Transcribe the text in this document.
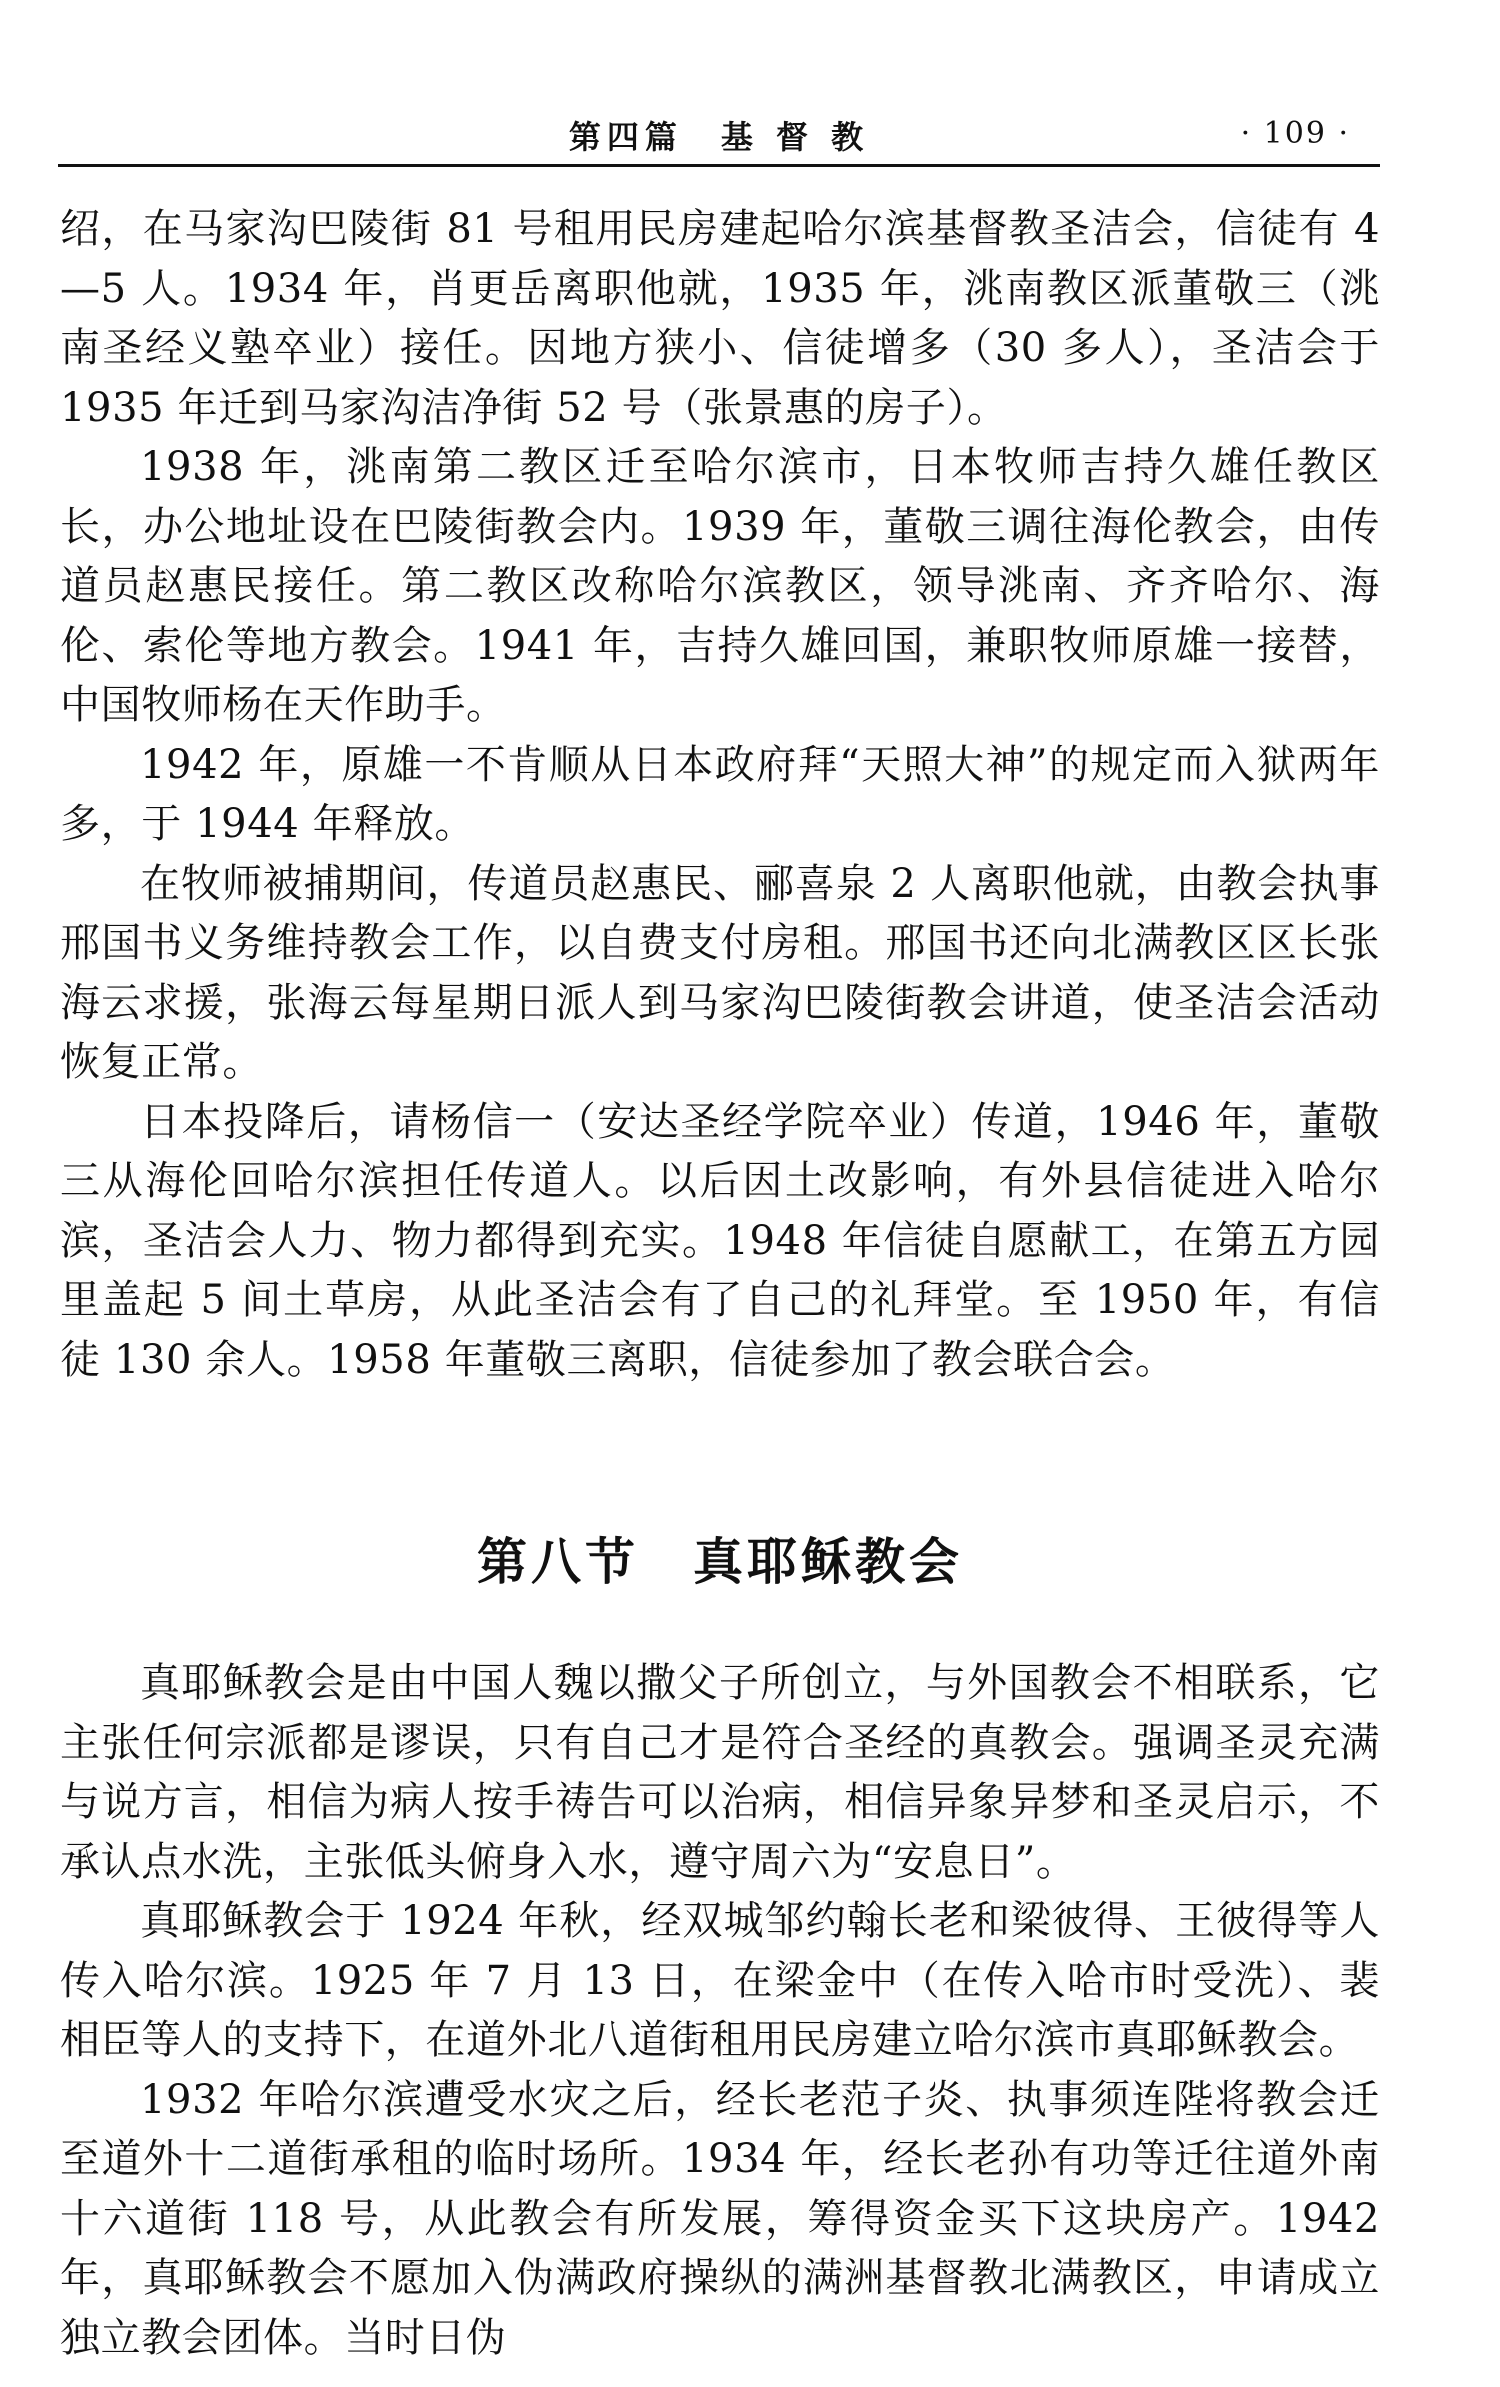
第四篇　基 督 教	· 109 ·

绍，在马家沟巴陵街 81 号租用民房建起哈尔滨基督教圣洁会，信徒有 4—5 人。1934 年，肖更岳离职他就，1935 年，洮南教区派董敬三（洮南圣经义塾卒业）接任。因地方狭小、信徒增多（30 多人），圣洁会于 1935 年迁到马家沟洁净街 52 号（张景惠的房子）。

1938 年，洮南第二教区迁至哈尔滨市，日本牧师吉持久雄任教区长，办公地址设在巴陵街教会内。1939 年，董敬三调往海伦教会，由传道员赵惠民接任。第二教区改称哈尔滨教区，领导洮南、齐齐哈尔、海伦、索伦等地方教会。1941 年，吉持久雄回国，兼职牧师原雄一接替，中国牧师杨在天作助手。

1942 年，原雄一不肯顺从日本政府拜“天照大神”的规定而入狱两年多，于 1944 年释放。

在牧师被捕期间，传道员赵惠民、郦喜泉 2 人离职他就，由教会执事邢国书义务维持教会工作，以自费支付房租。邢国书还向北满教区区长张海云求援，张海云每星期日派人到马家沟巴陵街教会讲道，使圣洁会活动恢复正常。

日本投降后，请杨信一（安达圣经学院卒业）传道，1946 年，董敬三从海伦回哈尔滨担任传道人。以后因土改影响，有外县信徒进入哈尔滨，圣洁会人力、物力都得到充实。1948 年信徒自愿献工，在第五方园里盖起 5 间土草房，从此圣洁会有了自己的礼拜堂。至 1950 年，有信徒 130 余人。1958 年董敬三离职，信徒参加了教会联合会。

第八节　真耶稣教会

真耶稣教会是由中国人魏以撒父子所创立，与外国教会不相联系，它主张任何宗派都是谬误，只有自己才是符合圣经的真教会。强调圣灵充满与说方言，相信为病人按手祷告可以治病，相信异象异梦和圣灵启示，不承认点水洗，主张低头俯身入水，遵守周六为“安息日”。

真耶稣教会于 1924 年秋，经双城邹约翰长老和梁彼得、王彼得等人传入哈尔滨。1925 年 7 月 13 日，在梁金中（在传入哈市时受洗）、裴相臣等人的支持下，在道外北八道街租用民房建立哈尔滨市真耶稣教会。

1932 年哈尔滨遭受水灾之后，经长老范子炎、执事须连陛将教会迁至道外十二道街承租的临时场所。1934 年，经长老孙有功等迁往道外南十六道街 118 号，从此教会有所发展，筹得资金买下这块房产。1942 年，真耶稣教会不愿加入伪满政府操纵的满洲基督教北满教区，申请成立独立教会团体。当时日伪
